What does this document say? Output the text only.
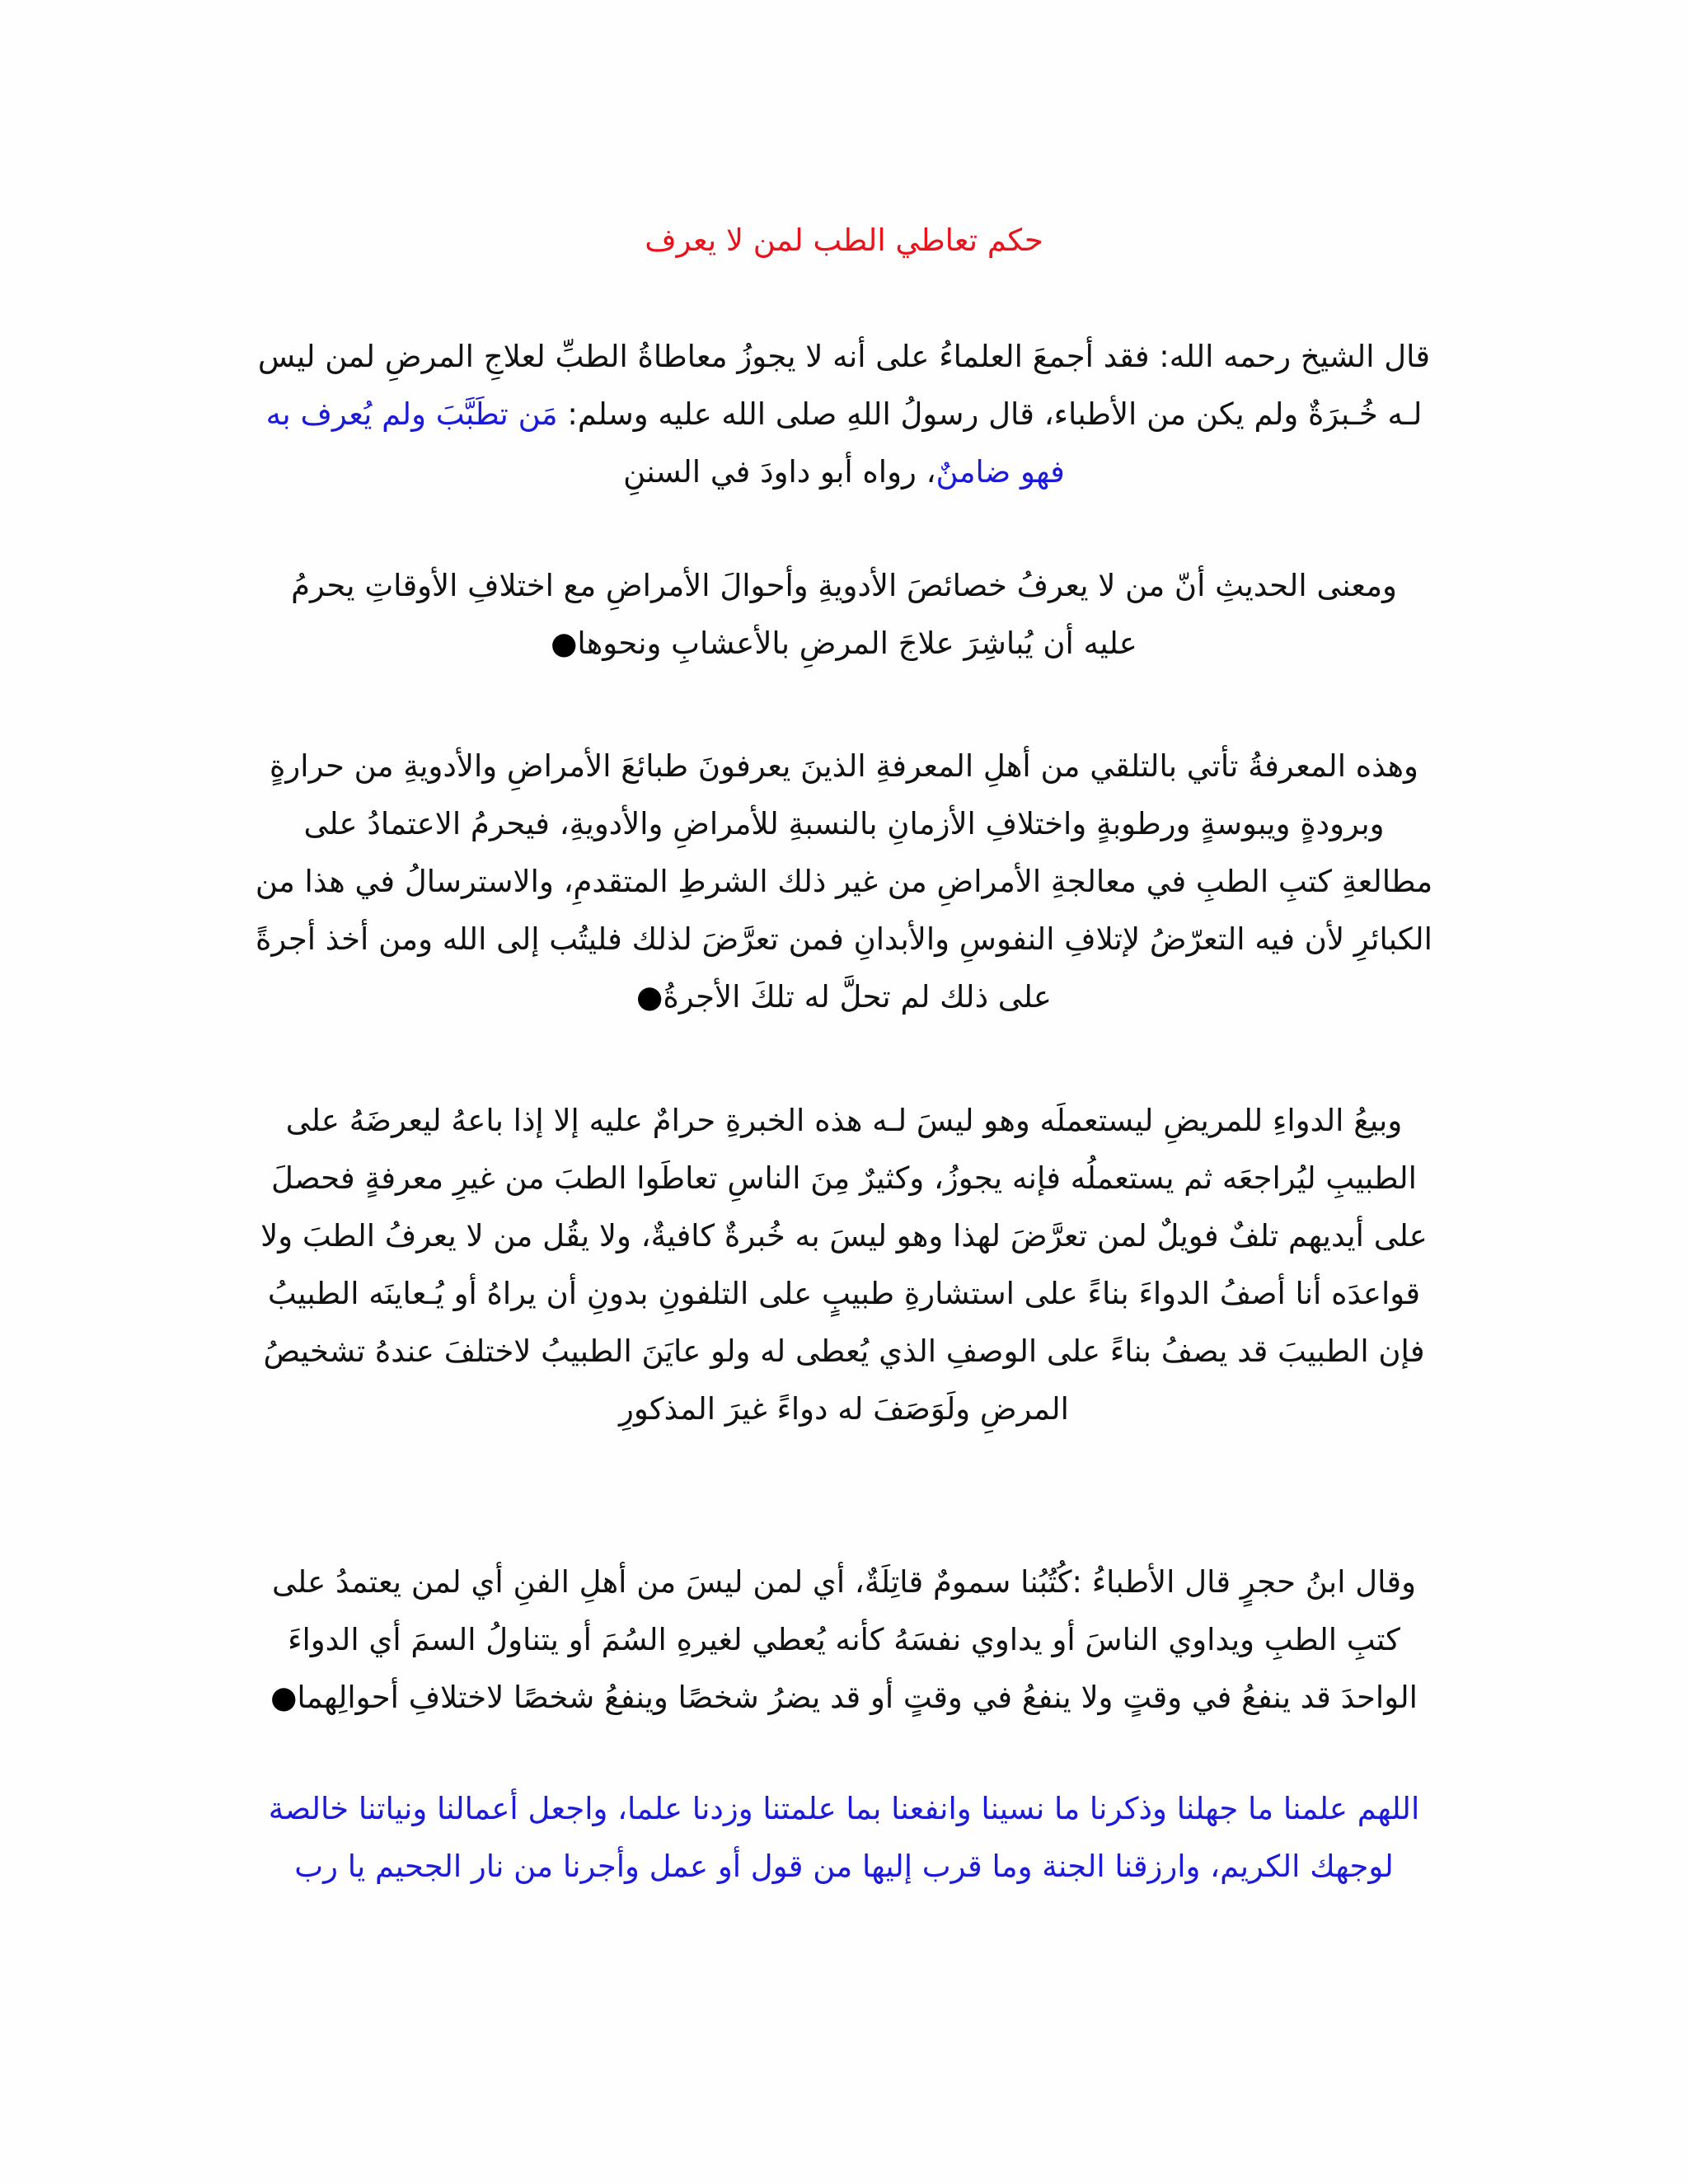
حكم تعاطي الطب لمن لا يعرف

قال الشيخ رحمه الله: فقد أجمعَ العلماءُ على أنه لا يجوزُ معاطاةُ الطبِّ لعلاجِ المرضِ لمن ليس

لـه خُـبرَةٌ ولم يكن من الأطباء، قال رسولُ اللهِ صلى الله عليه وسلم: مَن تطَبَّبَ ولم يُعرف به

فهو ضامنٌ، رواه أبو داودَ في السننِ

ومعنى الحديثِ أنّ من لا يعرفُ خصائصَ الأدويةِ وأحوالَ الأمراضِ مع اختلافِ الأوقاتِ يحرمُ

عليه أن يُباشِرَ علاجَ المرضِ بالأعشابِ ونحوها●

وهذه المعرفةُ تأتي بالتلقي من أهلِ المعرفةِ الذينَ يعرفونَ طبائعَ الأمراضِ والأدويةِ من حرارةٍ

وبرودةٍ ويبوسةٍ ورطوبةٍ واختلافِ الأزمانِ بالنسبةِ للأمراضِ والأدويةِ، فيحرمُ الاعتمادُ على

مطالعةِ كتبِ الطبِ في معالجةِ الأمراضِ من غير ذلك الشرطِ المتقدمِ، والاسترسالُ في هذا من

الكبائرِ لأن فيه التعرّضُ لإتلافِ النفوسِ والأبدانِ فمن تعرَّضَ لذلك فليتُب إلى الله ومن أخذ أجرةً

على ذلك لم تحلَّ له تلكَ الأجرةُ●

وبيعُ الدواءِ للمريضِ ليستعملَه وهو ليسَ لـه هذه الخبرةِ حرامٌ عليه إلا إذا باعهُ ليعرضَهُ على

الطبيبِ ليُراجعَه ثم يستعملُه فإنه يجوزُ، وكثيرٌ مِنَ الناسِ تعاطَوا الطبَ من غيرِ معرفةٍ فحصلَ

على أيديهم تلفٌ فويلٌ لمن تعرَّضَ لهذا وهو ليسَ به خُبرةٌ كافيةٌ، ولا يقُل من لا يعرفُ الطبَ ولا

قواعدَه أنا أصفُ الدواءَ بناءً على استشارةِ طبيبٍ على التلفونِ بدونِ أن يراهُ أو يُـعاينَه الطبيبُ

فإن الطبيبَ قد يصفُ بناءً على الوصفِ الذي يُعطى له ولو عايَنَ الطبيبُ لاختلفَ عندهُ تشخيصُ

المرضِ ولَوَصَفَ له دواءً غيرَ المذكورِ

وقال ابنُ حجرٍ قال الأطباءُ :كُتُبُنا سمومٌ قاتِلَةٌ، أي لمن ليسَ من أهلِ الفنِ أي لمن يعتمدُ على

كتبِ الطبِ ويداوي الناسَ أو يداوي نفسَهُ كأنه يُعطي لغيرهِ السُمَ أو يتناولُ السمَ أي الدواءَ

الواحدَ قد ينفعُ في وقتٍ ولا ينفعُ في وقتٍ أو قد يضرُ شخصًا وينفعُ شخصًا لاختلافِ أحوالِهما●

اللهم علمنا ما جهلنا وذكرنا ما نسينا وانفعنا بما علمتنا وزدنا علما، واجعل أعمالنا ونياتنا خالصة

لوجهك الكريم، وارزقنا الجنة وما قرب إليها من قول أو عمل وأجرنا من نار الجحيم يا رب
